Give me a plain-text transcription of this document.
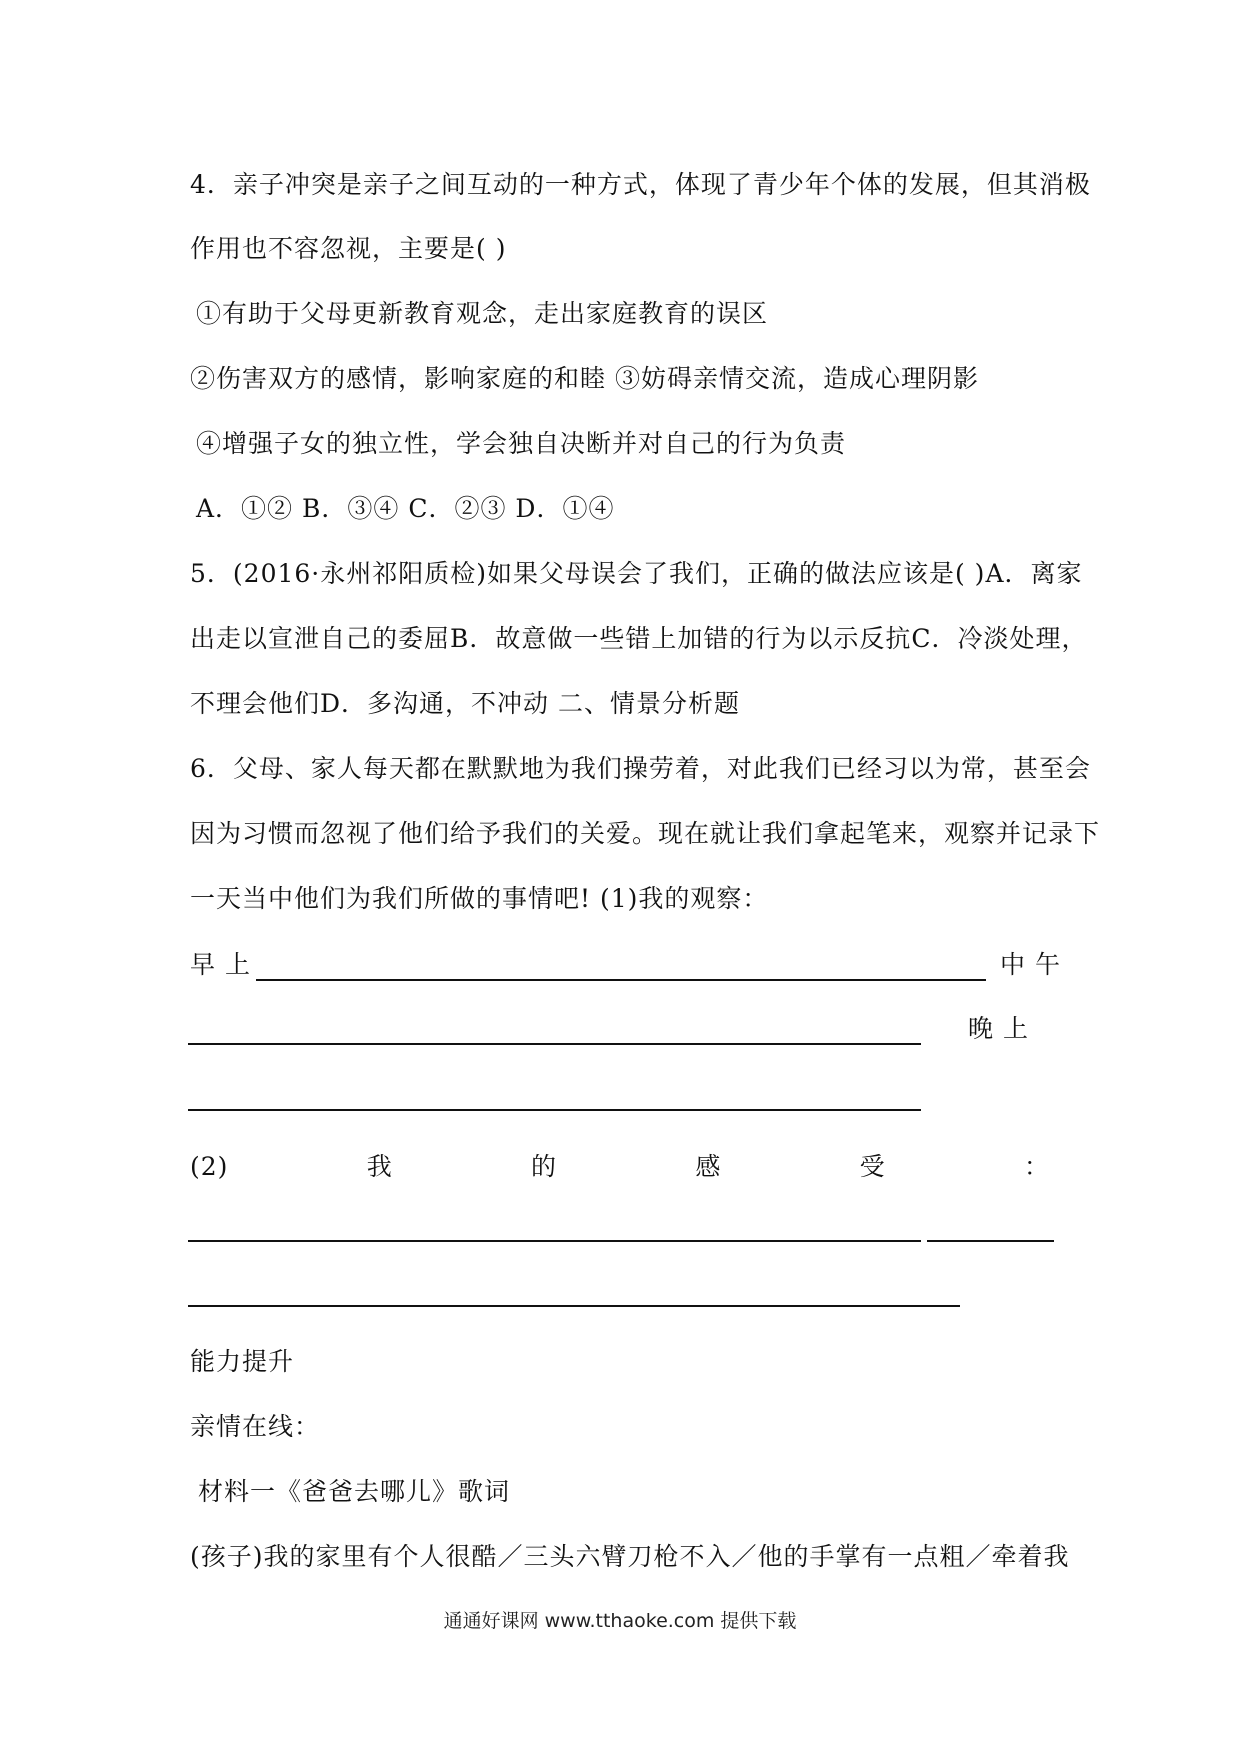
4．亲子冲突是亲子之间互动的一种方式，体现了青少年个体的发展，但其消极
作用也不容忽视，主要是( )
①有助于父母更新教育观念，走出家庭教育的误区
②伤害双方的感情，影响家庭的和睦 ③妨碍亲情交流，造成心理阴影
④增强子女的独立性，学会独自决断并对自己的行为负责
A．①② B．③④ C．②③ D．①④
5．(2016·永州祁阳质检)如果父母误会了我们，正确的做法应该是( )A．离家
出走以宣泄自己的委屈B．故意做一些错上加错的行为以示反抗C．冷淡处理，
不理会他们D．多沟通，不冲动 二、情景分析题
6．父母、家人每天都在默默地为我们操劳着，对此我们已经习以为常，甚至会
因为习惯而忽视了他们给予我们的关爱。现在就让我们拿起笔来，观察并记录下
一天当中他们为我们所做的事情吧! (1)我的观察：
早 上	中 午
晚 上
(2)	我	的	感	受	：
能力提升
亲情在线：
材料一《爸爸去哪儿》歌词
(孩子)我的家里有个人很酷／三头六臂刀枪不入／他的手掌有一点粗／牵着我
通通好课网 www.tthaoke.com 提供下载
